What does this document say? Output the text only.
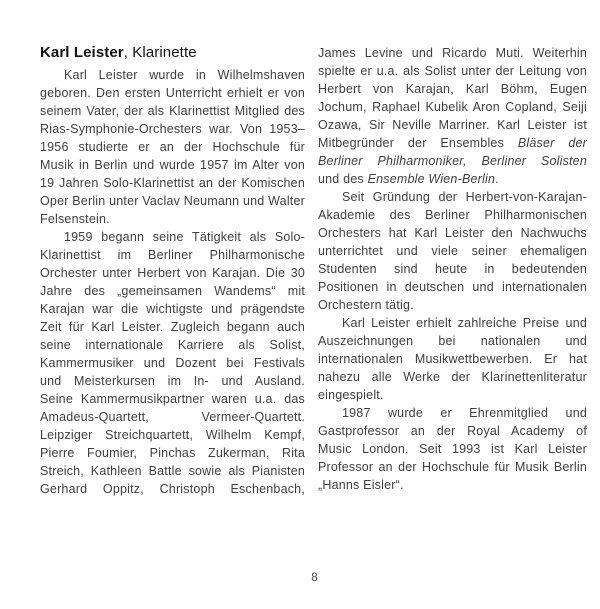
Karl Leister, Klarinette
Karl Leister wurde in Wilhelmshaven
geboren. Den ersten Unterricht erhielt er von
seinem Vater, der als Klarinettist Mitglied des
Rias-Symphonie-Orchesters war. Von 1953–
1956 studierte er an der Hochschule für
Musik in Berlin und wurde 1957 im Alter von
19 Jahren Solo-Klarinettist an der Komischen
Oper Berlin unter Vaclav Neumann und Walter
Felsenstein.
1959 begann seine Tätigkeit als Solo-
Klarinettist im Berliner Philharmonische
Orchester unter Herbert von Karajan. Die 30
Jahre des „gemeinsamen Wandems“ mit
Karajan war die wichtigste und prägendste
Zeit für Karl Leister. Zugleich begann auch
seine internationale Karriere als Solist,
Kammermusiker und Dozent bei Festivals
und Meisterkursen im In- und Ausland.
Seine Kammermusikpartner waren u.a. das
Amadeus-Quartett, Vermeer-Quartett.
Leipziger Streichquartett, Wilhelm Kempf,
Pierre Foumier, Pinchas Zukerman, Rita
Streich, Kathleen Battle sowie als Pianisten
Gerhard Oppitz, Christoph Eschenbach,
James Levine und Ricardo Muti. Weiterhin
spielte er u.a. als Solist unter der Leitung von
Herbert von Karajan, Karl Böhm, Eugen
Jochum, Raphael Kubelik Aron Copland, Seiji
Ozawa, Sir Neville Marriner. Karl Leister ist
Mitbegründer der Ensembles Bläser der
Berliner Philharmoniker, Berliner Solisten
und des Ensemble Wien-Berlin.
Seit Gründung der Herbert-von-Karajan-
Akademie des Berliner Philharmonischen
Orchesters hat Karl Leister den Nachwuchs
unterrichtet und viele seiner ehemaligen
Studenten sind heute in bedeutenden
Positionen in deutschen und internationalen
Orchestern tätig.
Karl Leister erhielt zahlreiche Preise und
Auszeichnungen bei nationalen und
internationalen Musikwettbewerben. Er hat
nahezu alle Werke der Klarinettenliteratur
eingespielt.
1987 wurde er Ehrenmitglied und
Gastprofessor an der Royal Academy of
Music London. Seit 1993 ist Karl Leister
Professor an der Hochschule für Musik Berlin
„Hanns Eisler“.
8
